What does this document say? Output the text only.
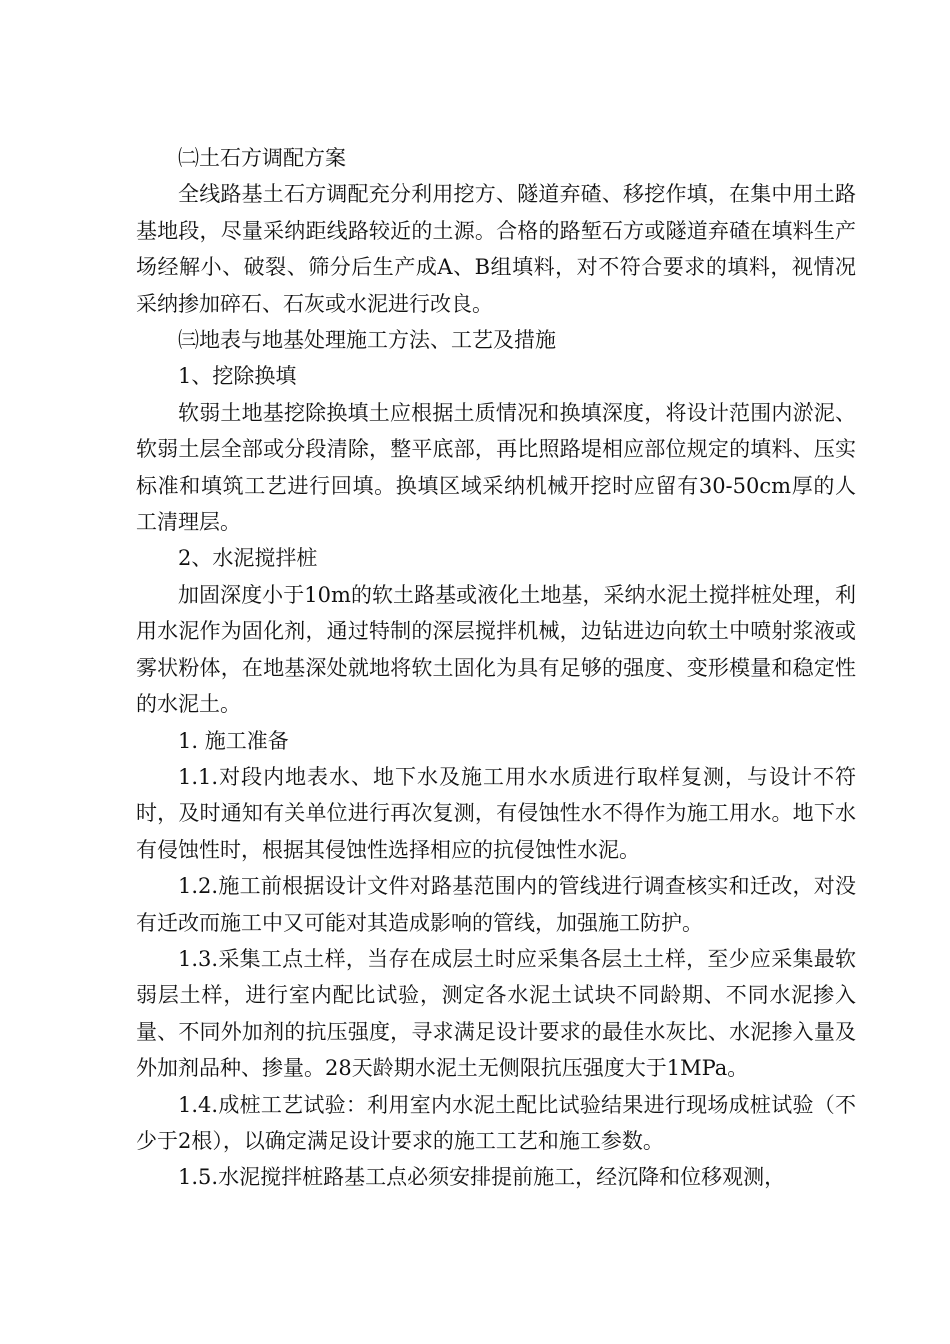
㈡土石方调配方案

全线路基土石方调配充分利用挖方、隧道弃碴、移挖作填，在集中用土路基地段，尽量采纳距线路较近的土源。合格的路堑石方或隧道弃碴在填料生产场经解小、破裂、筛分后生产成A、B组填料，对不符合要求的填料，视情况采纳掺加碎石、石灰或水泥进行改良。

㈢地表与地基处理施工方法、工艺及措施

1、挖除换填

软弱土地基挖除换填土应根据土质情况和换填深度，将设计范围内淤泥、软弱土层全部或分段清除，整平底部，再比照路堤相应部位规定的填料、压实标准和填筑工艺进行回填。换填区域采纳机械开挖时应留有30-50cm厚的人工清理层。

2、水泥搅拌桩

加固深度小于10m的软土路基或液化土地基，采纳水泥土搅拌桩处理，利用水泥作为固化剂，通过特制的深层搅拌机械，边钻进边向软土中喷射浆液或雾状粉体，在地基深处就地将软土固化为具有足够的强度、变形模量和稳定性的水泥土。

1. 施工准备

1.1.对段内地表水、地下水及施工用水水质进行取样复测，与设计不符时，及时通知有关单位进行再次复测，有侵蚀性水不得作为施工用水。地下水有侵蚀性时，根据其侵蚀性选择相应的抗侵蚀性水泥。

1.2.施工前根据设计文件对路基范围内的管线进行调查核实和迁改，对没有迁改而施工中又可能对其造成影响的管线，加强施工防护。

1.3.采集工点土样，当存在成层土时应采集各层土土样，至少应采集最软弱层土样，进行室内配比试验，测定各水泥土试块不同龄期、不同水泥掺入量、不同外加剂的抗压强度，寻求满足设计要求的最佳水灰比、水泥掺入量及外加剂品种、掺量。28天龄期水泥土无侧限抗压强度大于1MPa。

1.4.成桩工艺试验：利用室内水泥土配比试验结果进行现场成桩试验（不少于2根），以确定满足设计要求的施工工艺和施工参数。

1.5.水泥搅拌桩路基工点必须安排提前施工，经沉降和位移观测，
